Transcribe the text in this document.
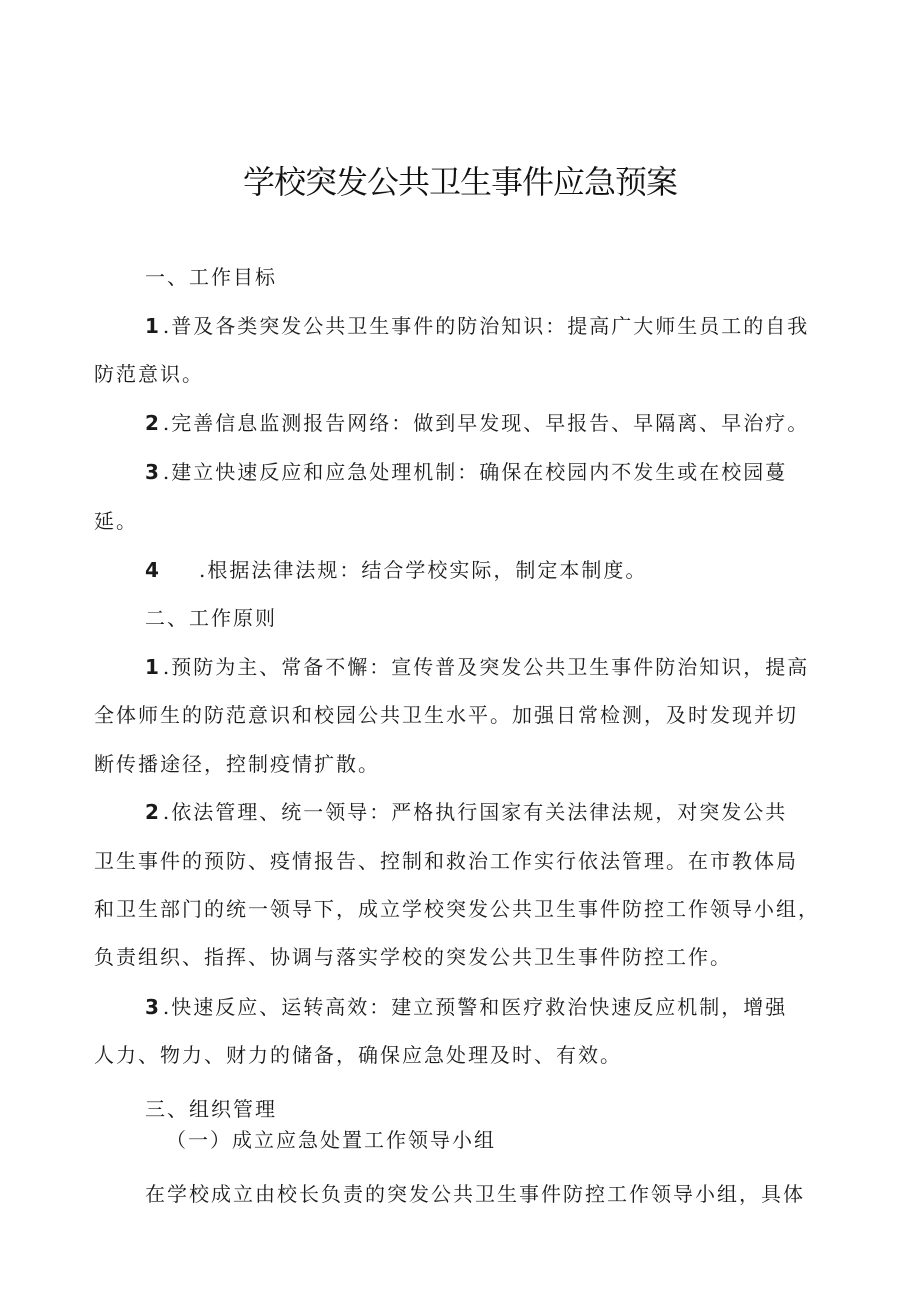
学校突发公共卫生事件应急预案
一、工作目标
1 .普及各类突发公共卫生事件的防治知识：提高广大师生员工的自我
防范意识。
2 .完善信息监测报告网络：做到早发现、早报告、早隔离、早治疗。
3 .建立快速反应和应急处理机制：确保在校园内不发生或在校园蔓
延。
4 .根据法律法规：结合学校实际，制定本制度。
二、工作原则
1 .预防为主、常备不懈：宣传普及突发公共卫生事件防治知识，提高
全体师生的防范意识和校园公共卫生水平。加强日常检测，及时发现并切
断传播途径，控制疫情扩散。
2 .依法管理、统一领导：严格执行国家有关法律法规，对突发公共
卫生事件的预防、疫情报告、控制和救治工作实行依法管理。在市教体局
和卫生部门的统一领导下，成立学校突发公共卫生事件防控工作领导小组，
负责组织、指挥、协调与落实学校的突发公共卫生事件防控工作。
3 .快速反应、运转高效：建立预警和医疗救治快速反应机制，增强
人力、物力、财力的储备，确保应急处理及时、有效。
三、组织管理
（一）成立应急处置工作领导小组
在学校成立由校长负责的突发公共卫生事件防控工作领导小组，具体
